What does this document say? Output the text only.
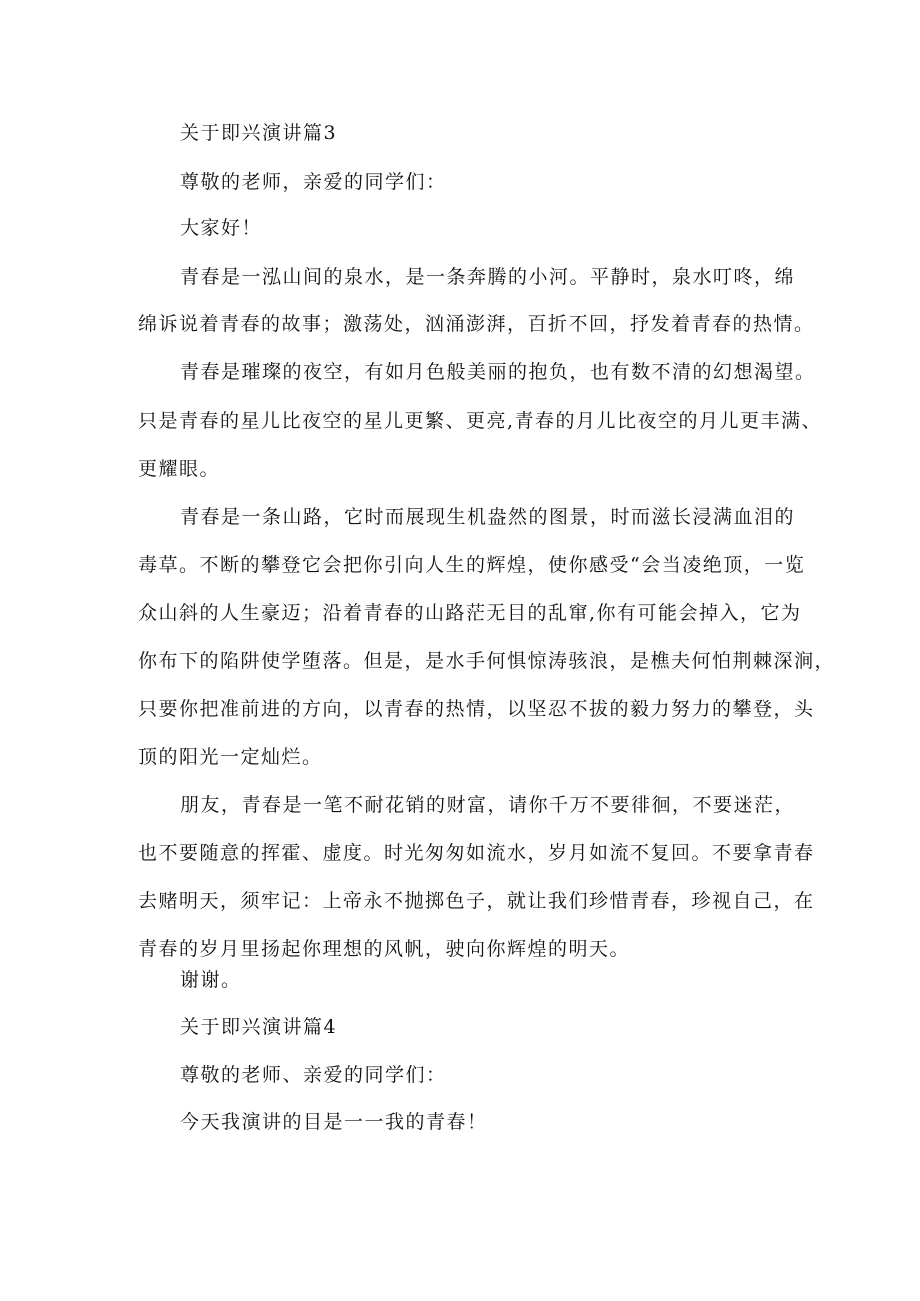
关于即兴演讲篇3
尊敬的老师，亲爱的同学们：
大家好！
青春是一泓山间的泉水，是一条奔腾的小河。平静时，泉水叮咚，绵
绵诉说着青春的故事；激荡处，汹涌澎湃，百折不回，抒发着青春的热情。
青春是璀璨的夜空，有如月色般美丽的抱负，也有数不清的幻想渴望。
只是青春的星儿比夜空的星儿更繁、更亮,青春的月儿比夜空的月儿更丰满、
更耀眼。
青春是一条山路，它时而展现生机盎然的图景，时而滋长浸满血泪的
毒草。不断的攀登它会把你引向人生的辉煌，使你感受“会当凌绝顶，一览
众山斜的人生豪迈；沿着青春的山路茫无目的乱窜,你有可能会掉入，它为
你布下的陷阱使学堕落。但是，是水手何惧惊涛骇浪，是樵夫何怕荆棘深涧，
只要你把准前进的方向，以青春的热情，以坚忍不拔的毅力努力的攀登，头
顶的阳光一定灿烂。
朋友，青春是一笔不耐花销的财富，请你千万不要徘徊，不要迷茫，
也不要随意的挥霍、虚度。时光匆匆如流水，岁月如流不复回。不要拿青春
去赌明天，须牢记：上帝永不抛掷色子，就让我们珍惜青春，珍视自己，在
青春的岁月里扬起你理想的风帆，驶向你辉煌的明天。
谢谢。
关于即兴演讲篇4
尊敬的老师、亲爱的同学们：
今天我演讲的目是一一我的青春！
